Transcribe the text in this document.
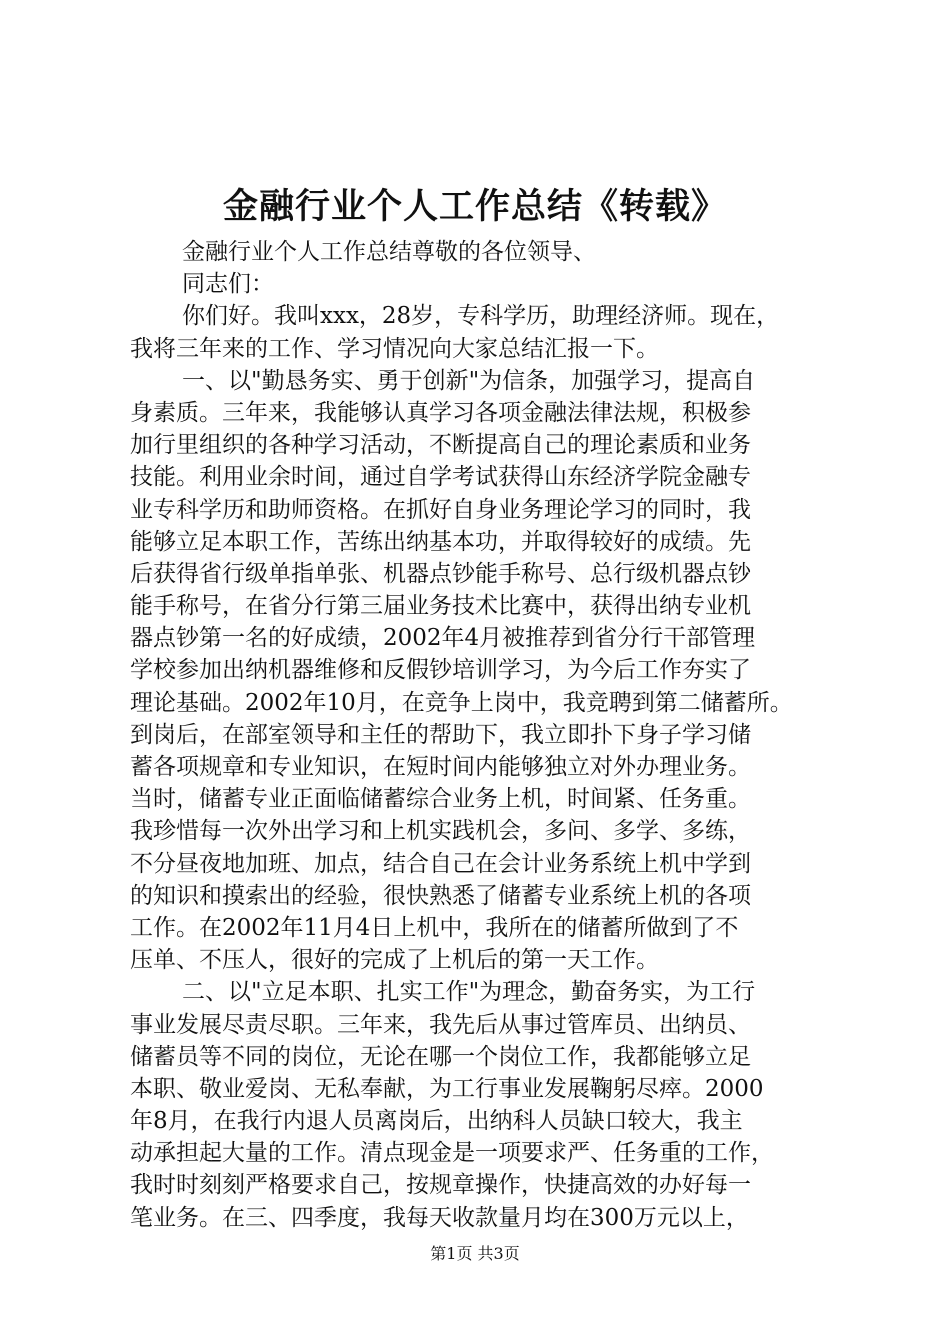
金融行业个人工作总结《转载》
金融行业个人工作总结尊敬的各位领导、
同志们：
你们好。我叫xxx，28岁，专科学历，助理经济师。现在，
我将三年来的工作、学习情况向大家总结汇报一下。
一、以"勤恳务实、勇于创新"为信条，加强学习，提高自
身素质。三年来，我能够认真学习各项金融法律法规，积极参
加行里组织的各种学习活动，不断提高自己的理论素质和业务
技能。利用业余时间，通过自学考试获得山东经济学院金融专
业专科学历和助师资格。在抓好自身业务理论学习的同时，我
能够立足本职工作，苦练出纳基本功，并取得较好的成绩。先
后获得省行级单指单张、机器点钞能手称号、总行级机器点钞
能手称号，在省分行第三届业务技术比赛中，获得出纳专业机
器点钞第一名的好成绩，2002年4月被推荐到省分行干部管理
学校参加出纳机器维修和反假钞培训学习，为今后工作夯实了
理论基础。2002年10月，在竞争上岗中，我竞聘到第二储蓄所。
到岗后，在部室领导和主任的帮助下，我立即扑下身子学习储
蓄各项规章和专业知识，在短时间内能够独立对外办理业务。
当时，储蓄专业正面临储蓄综合业务上机，时间紧、任务重。
我珍惜每一次外出学习和上机实践机会，多问、多学、多练，
不分昼夜地加班、加点，结合自己在会计业务系统上机中学到
的知识和摸索出的经验，很快熟悉了储蓄专业系统上机的各项
工作。在2002年11月4日上机中，我所在的储蓄所做到了不
压单、不压人，很好的完成了上机后的第一天工作。
二、以"立足本职、扎实工作"为理念，勤奋务实，为工行
事业发展尽责尽职。三年来，我先后从事过管库员、出纳员、
储蓄员等不同的岗位，无论在哪一个岗位工作，我都能够立足
本职、敬业爱岗、无私奉献，为工行事业发展鞠躬尽瘁。2000
年8月，在我行内退人员离岗后，出纳科人员缺口较大，我主
动承担起大量的工作。清点现金是一项要求严、任务重的工作，
我时时刻刻严格要求自己，按规章操作，快捷高效的办好每一
笔业务。在三、四季度，我每天收款量月均在300万元以上，
第1页 共3页
